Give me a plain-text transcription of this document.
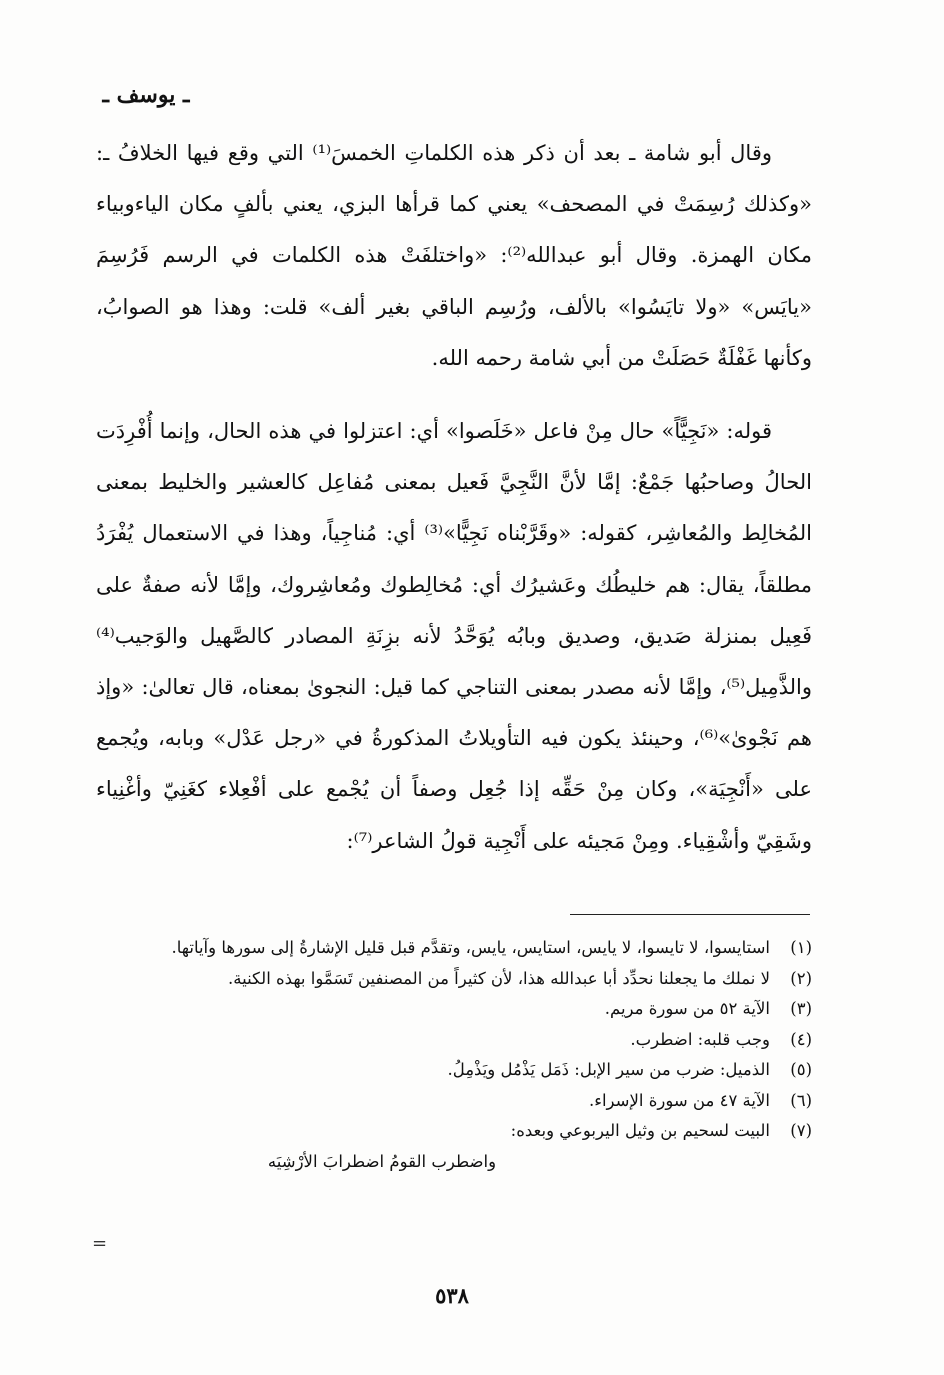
ـ يوسف ـ

وقال أبو شامة ـ بعد أن ذكر هذه الكلماتِ الخمسَ⁽¹⁾ التي وقع فيها الخلافُ ـ: «وكذلك رُسِمَتْ في المصحف» يعني كما قرأها البزي، يعني بألفٍ مكان الياءوبياء مكان الهمزة. وقال أبو عبدالله⁽²⁾: «واختلفَتْ هذه الكلمات في الرسم فَرُسِمَ «يايَس» «ولا تايَسُوا» بالألف، ورُسِم الباقي بغير ألف» قلت: وهذا هو الصوابُ، وكأنها غَفْلَةٌ حَصَلَتْ من أبي شامة رحمه الله.

قوله: «نَجِيًّاً» حال مِنْ فاعل «خَلَصوا» أي: اعتزلوا في هذه الحال، وإنما أُفْرِدَت الحالُ وصاحبُها جَمْعٌ: إمَّا لأنَّ النَّجِيَّ فَعيل بمعنى مُفاعِل كالعشير والخليط بمعنى المُخالِط والمُعاشِر، كقوله: «وقَرَّبْناه نَجِيًّا»⁽³⁾ أي: مُناجِياً، وهذا في الاستعمال يُفْرَدُ مطلقاً، يقال: هم خليطُك وعَشيرُك أي: مُخالِطوك ومُعاشِروك، وإمَّا لأنه صفةٌ على فَعِيل بمنزلة صَديق، وصديق وبابُه يُوَحَّدُ لأنه بزِنَةِ المصادر كالصَّهيل والوَجيب⁽⁴⁾ والذَّمِيل⁽⁵⁾، وإمَّا لأنه مصدر بمعنى التناجي كما قيل: النجوىٰ بمعناه، قال تعالىٰ: «وإذ هم نَجْوىٰ»⁽⁶⁾، وحينئذ يكون فيه التأويلاتُ المذكورةُ في «رجل عَدْل» وبابه، ويُجمع على «أَنْجِيَة»، وكان مِنْ حَقِّه إذا جُعِل وصفاً أن يُجْمع على أفْعِلاء كغَنِيّ وأغْنِياء وشَقِيّ وأشْقِياء. ومِنْ مَجيئه على أَنْجِية قولُ الشاعر⁽⁷⁾:

(١)
استايسوا، لا تايسوا، لا يايس، استايس، يايس، وتقدَّم قبل قليل الإشارةُ إلى سورها وآياتها.
(٢)
لا نملك ما يجعلنا نحدِّد أبا عبدالله هذا، لأن كثيراً من المصنفين تَسَمَّوا بهذه الكنية.
(٣)
الآية ٥٢ من سورة مريم.
(٤)
وجب قلبه: اضطرب.
(٥)
الذميل: ضرب من سير الإبل: ذَمَل يَذْمُل ويَذْمِلُ.
(٦)
الآية ٤٧ من سورة الإسراء.
(٧)
البيت لسحيم بن وثيل اليربوعي وبعده:
واضطرب القومُ اضطرابَ الأرْشِيَه
=
٥٣٨
